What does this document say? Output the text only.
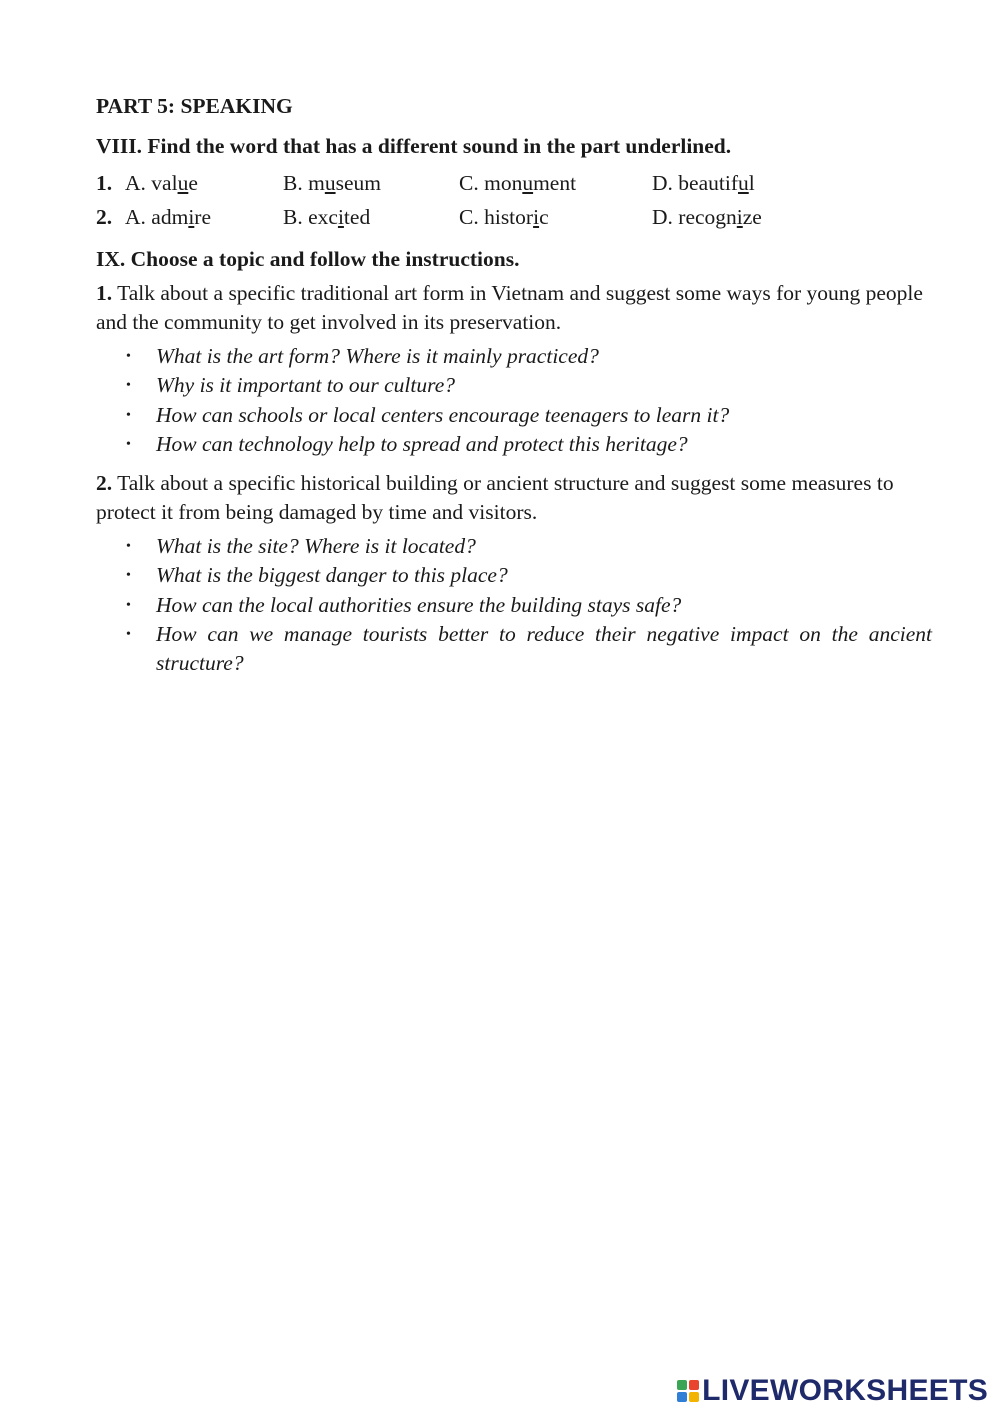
PART 5: SPEAKING
VIII. Find the word that has a different sound in the part underlined.
1. A. value	B. museum	C. monument	D. beautiful
2. A. admire	B. excited	C. historic	D. recognize
IX. Choose a topic and follow the instructions.
1. Talk about a specific traditional art form in Vietnam and suggest some ways for young people and the community to get involved in its preservation.
• What is the art form? Where is it mainly practiced?
• Why is it important to our culture?
• How can schools or local centers encourage teenagers to learn it?
• How can technology help to spread and protect this heritage?
2. Talk about a specific historical building or ancient structure and suggest some measures to protect it from being damaged by time and visitors.
• What is the site? Where is it located?
• What is the biggest danger to this place?
• How can the local authorities ensure the building stays safe?
• How can we manage tourists better to reduce their negative impact on the ancient structure?
LIVEWORKSHEETS
